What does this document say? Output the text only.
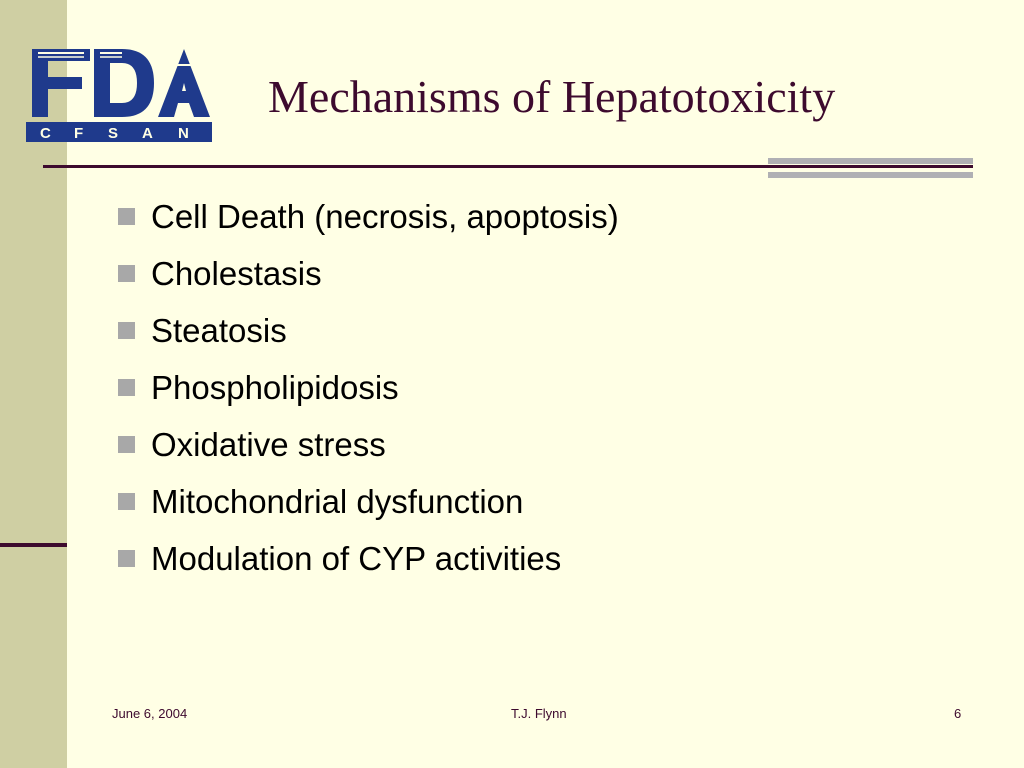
C F S A N
Mechanisms of Hepatotoxicity
Cell Death (necrosis, apoptosis)
Cholestasis
Steatosis
Phospholipidosis
Oxidative stress
Mitochondrial dysfunction
Modulation of CYP activities
June 6, 2004	T.J. Flynn	6
